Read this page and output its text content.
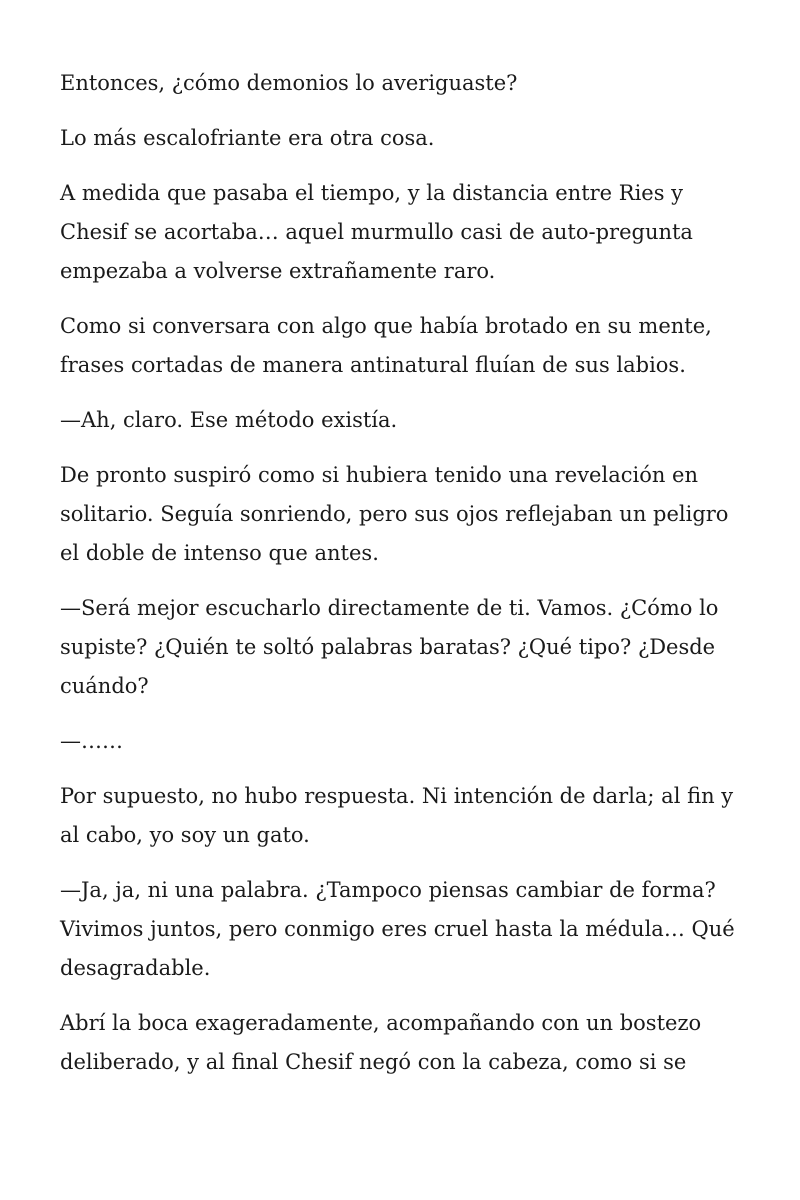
Entonces, ¿cómo demonios lo averiguaste?

Lo más escalofriante era otra cosa.

A medida que pasaba el tiempo, y la distancia entre Ries y Chesif se acortaba… aquel murmullo casi de auto-pregunta empezaba a volverse extrañamente raro.

Como si conversara con algo que había brotado en su mente, frases cortadas de manera antinatural fluían de sus labios.

—Ah, claro. Ese método existía.

De pronto suspiró como si hubiera tenido una revelación en solitario. Seguía sonriendo, pero sus ojos reflejaban un peligro el doble de intenso que antes.

—Será mejor escucharlo directamente de ti. Vamos. ¿Cómo lo supiste? ¿Quién te soltó palabras baratas? ¿Qué tipo? ¿Desde cuándo?

—……

Por supuesto, no hubo respuesta. Ni intención de darla; al fin y al cabo, yo soy un gato.

—Ja, ja, ni una palabra. ¿Tampoco piensas cambiar de forma? Vivimos juntos, pero conmigo eres cruel hasta la médula… Qué desagradable.

Abrí la boca exageradamente, acompañando con un bostezo deliberado, y al final Chesif negó con la cabeza, como si se
